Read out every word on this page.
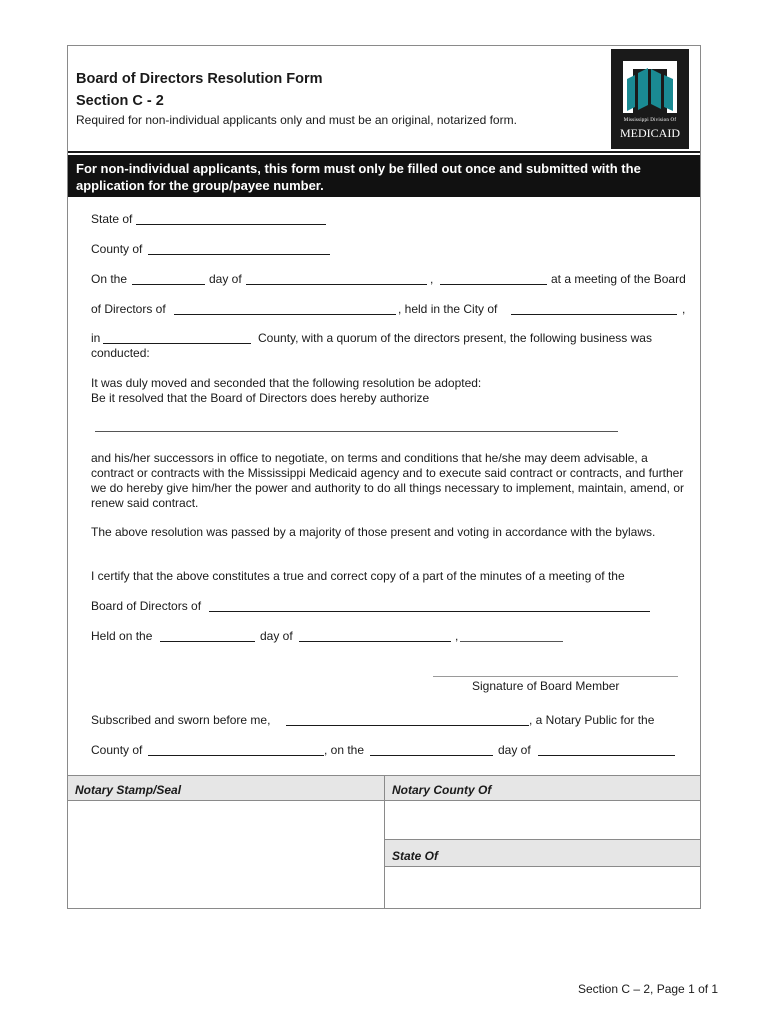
Board of Directors Resolution Form
Section C - 2
Required for non-individual applicants only and must be an original, notarized form.	Mississippi Division Of
MEDICAID
For non-individual applicants, this form must only be filled out once and submitted with the application for the group/payee number.
State of
County of
On the	day of	,	at a meeting of the Board
of Directors of	, held in the City of	,
in	County, with a quorum of the directors present, the following business was
conducted:
It was duly moved and seconded that the following resolution be adopted:
Be it resolved that the Board of Directors does hereby authorize
and his/her successors in office to negotiate, on terms and conditions that he/she may deem advisable, a contract or contracts with the Mississippi Medicaid agency and to execute said contract or contracts, and further we do hereby give him/her the power and authority to do all things necessary to implement, maintain, amend, or renew said contract.
The above resolution was passed by a majority of those present and voting in accordance with the bylaws.
I certify that the above constitutes a true and correct copy of a part of the minutes of a meeting of the
Board of Directors of
Held on the	day of	,
Signature of Board Member
Subscribed and sworn before me,	, a Notary Public for the
County of	, on the	day of
Notary Stamp/Seal	Notary County Of
State Of
Section C – 2, Page 1 of 1
